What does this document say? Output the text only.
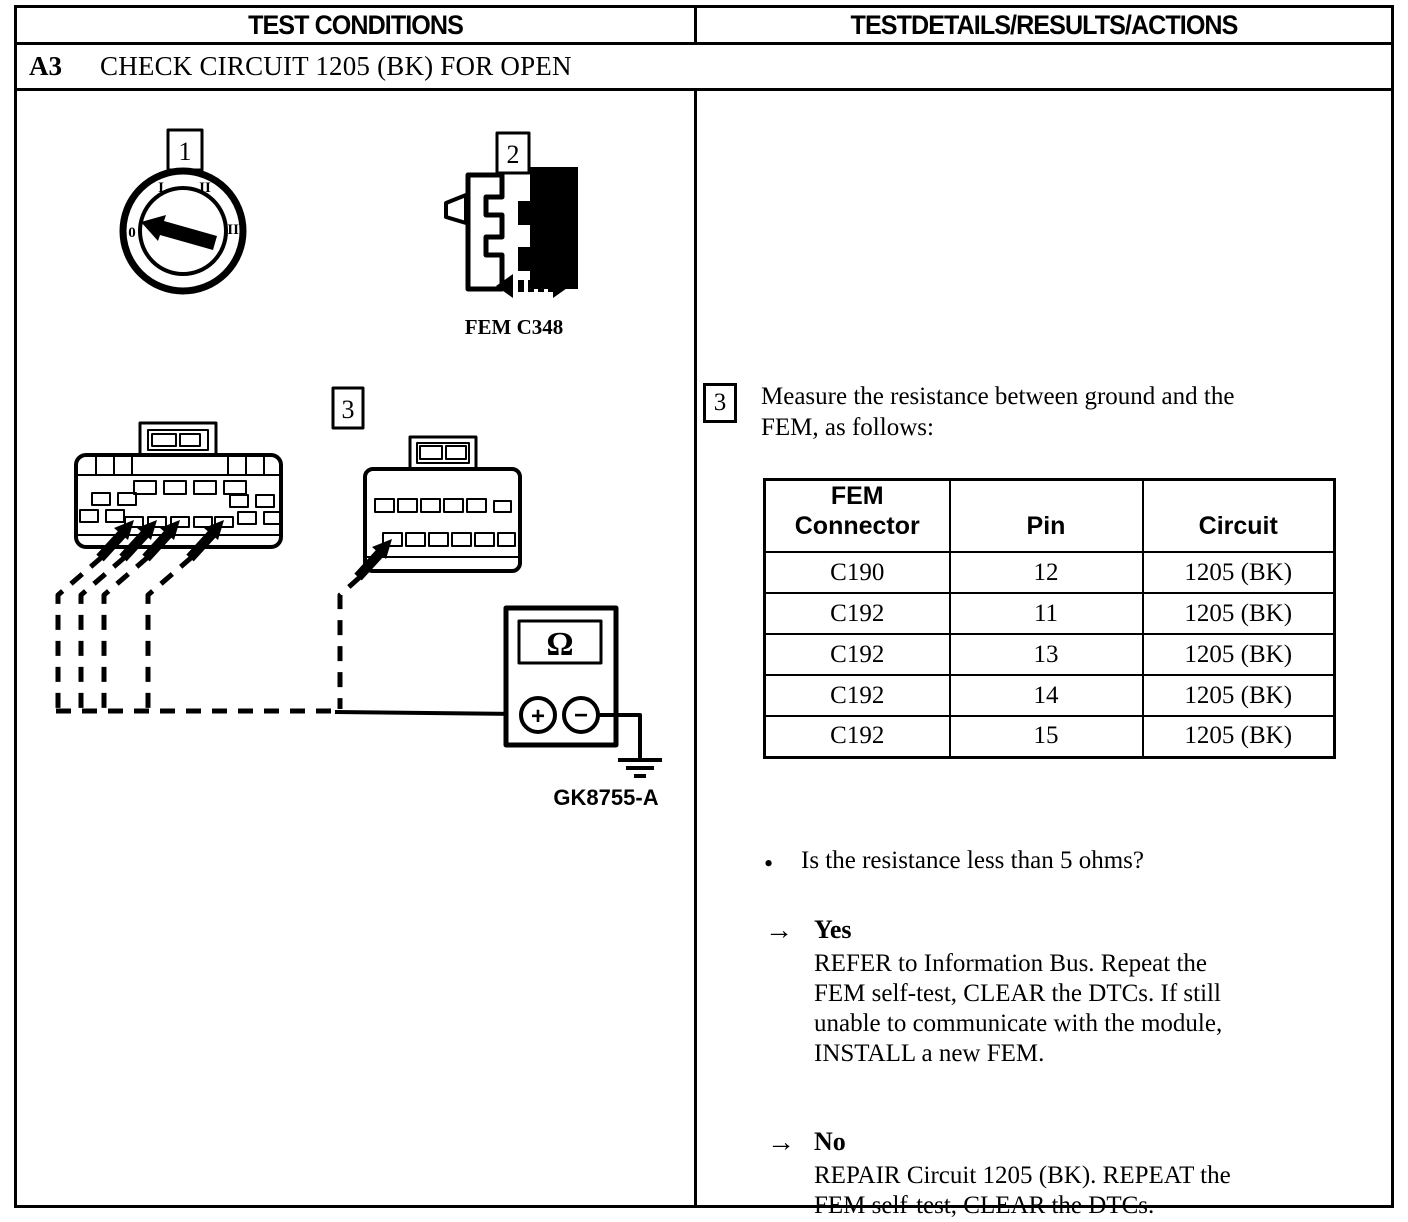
TEST CONDITIONS	TESTDETAILS/RESULTS/ACTIONS
A3 CHECK CIRCUIT 1205 (BK) FOR OPEN
1
0
I II
III
2
FEM C348
3
Ω
+ −
GK8755-A
3 Measure the resistance between ground and the
FEM, as follows:
FEM Connector	Pin	Circuit
C190	12	1205 (BK)
C192	11	1205 (BK)
C192	13	1205 (BK)
C192	14	1205 (BK)
C192	15	1205 (BK)
• Is the resistance less than 5 ohms?
→ Yes
REFER to Information Bus. Repeat the
FEM self-test, CLEAR the DTCs. If still
unable to communicate with the module,
INSTALL a new FEM.
→ No
REPAIR Circuit 1205 (BK). REPEAT the
FEM self-test, CLEAR the DTCs.
